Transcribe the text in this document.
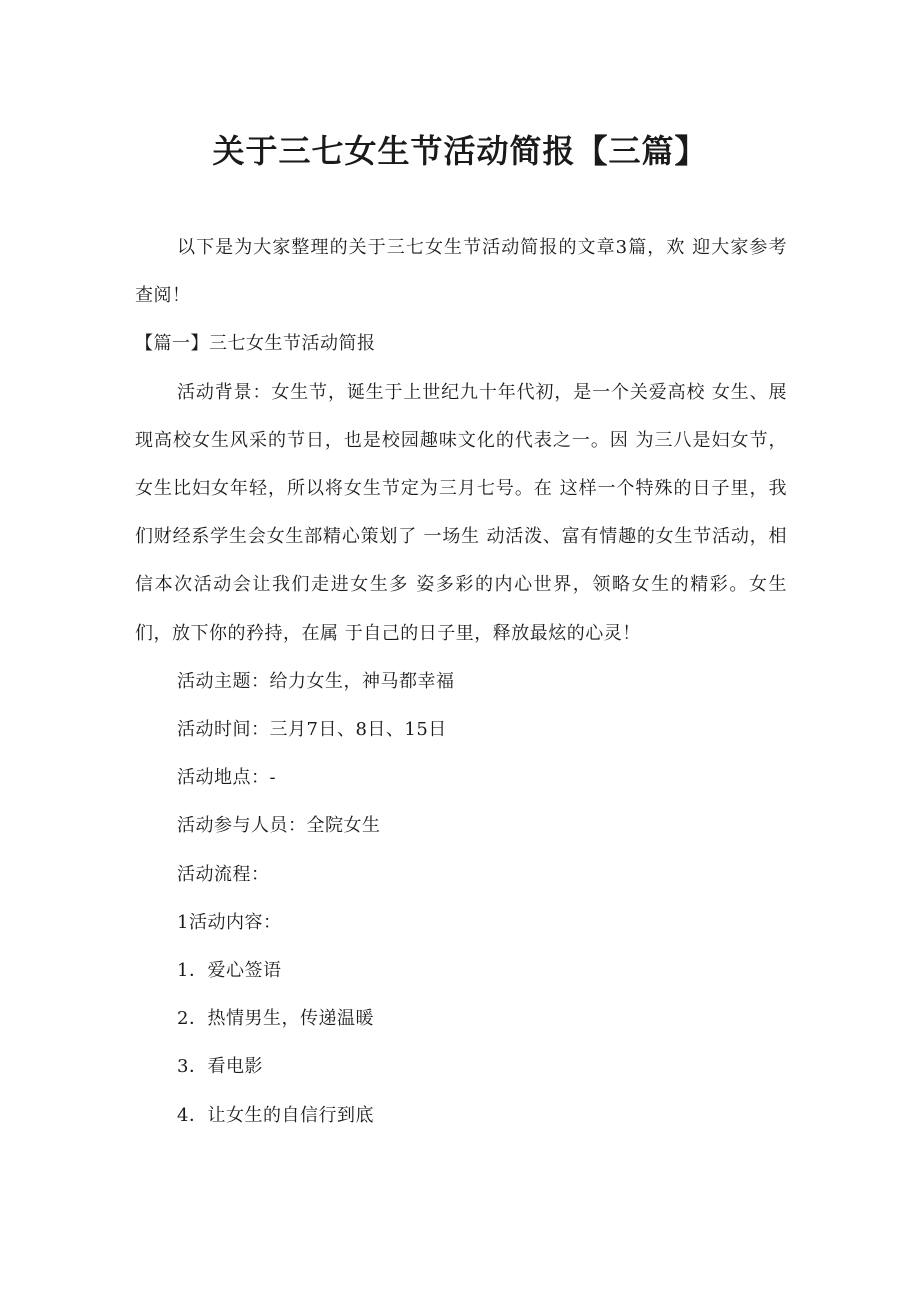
关于三七女生节活动简报【三篇】

以下是为大家整理的关于三七女生节活动简报的文章3篇，欢 迎大家参考查阅！

【篇一】三七女生节活动简报

活动背景：女生节，诞生于上世纪九十年代初，是一个关爱高校 女生、展现高校女生风采的节日，也是校园趣味文化的代表之一。因 为三八是妇女节，女生比妇女年轻，所以将女生节定为三月七号。在 这样一个特殊的日子里，我们财经系学生会女生部精心策划了 一场生 动活泼、富有情趣的女生节活动，相信本次活动会让我们走进女生多 姿多彩的内心世界，领略女生的精彩。女生们，放下你的矜持，在属 于自己的日子里，释放最炫的心灵！

活动主题：给力女生，神马都幸福

活动时间：三月7日、8日、15日

活动地点：-

活动参与人员：全院女生

活动流程：

1活动内容：

1．爱心签语

2．热情男生，传递温暖

3．看电影

4．让女生的自信行到底
